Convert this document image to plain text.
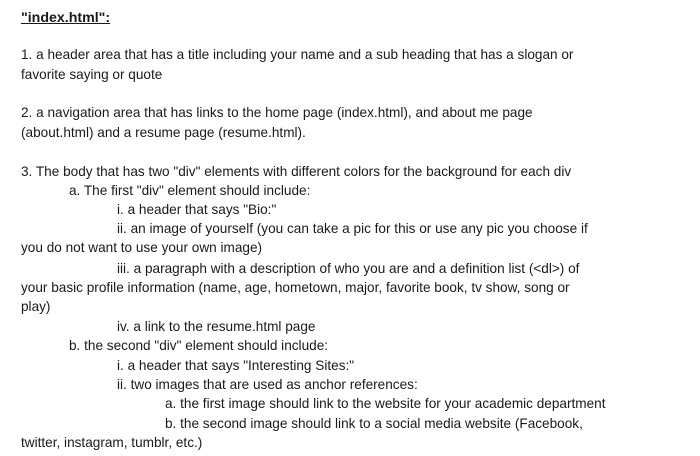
"index.html":
1. a header area that has a title including your name and a sub heading that has a slogan or
favorite saying or quote
2. a navigation area that has links to the home page (index.html), and about me page
(about.html) and a resume page (resume.html).
3. The body that has two "div" elements with different colors for the background for each div
a. The first "div" element should include:
i. a header that says "Bio:"
ii. an image of yourself (you can take a pic for this or use any pic you choose if
you do not want to use your own image)
iii. a paragraph with a description of who you are and a definition list (<dl>) of
your basic profile information (name, age, hometown, major, favorite book, tv show, song or
play)
iv. a link to the resume.html page
b. the second "div" element should include:
i. a header that says "Interesting Sites:"
ii. two images that are used as anchor references:
a. the first image should link to the website for your academic department
b. the second image should link to a social media website (Facebook,
twitter, instagram, tumblr, etc.)
